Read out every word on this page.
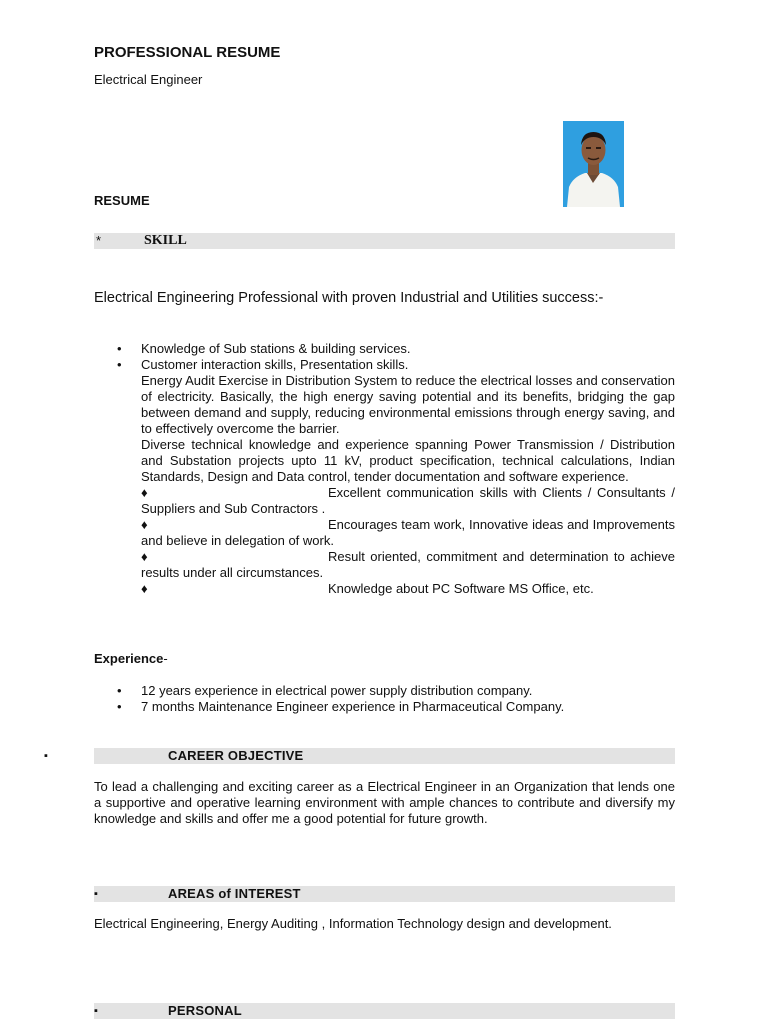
PROFESSIONAL RESUME
Electrical Engineer
RESUME
*	SKILL
Electrical Engineering Professional with proven Industrial and Utilities success:-
• Knowledge of Sub stations & building services.
• Customer interaction skills, Presentation skills.
Energy Audit Exercise in Distribution System to reduce the electrical losses and conservation of electricity. Basically, the high energy saving potential and its benefits, bridging the gap between demand and supply, reducing environmental emissions through energy saving, and to effectively overcome the barrier.
Diverse technical knowledge and experience spanning Power Transmission / Distribution and Substation projects upto 11 kV, product specification, technical calculations, Indian Standards, Design and Data control, tender documentation and software experience.
♦	Excellent communication skills with Clients / Consultants / Suppliers and Sub Contractors .
♦	Encourages team work, Innovative ideas and Improvements and believe in delegation of work.
♦	Result oriented, commitment and determination to achieve results under all circumstances.
♦	Knowledge about PC Software MS Office, etc.
Experience-
• 12 years experience in electrical power supply distribution company.
• 7 months Maintenance Engineer experience in Pharmaceutical Company.
▪	CAREER OBJECTIVE
To lead a challenging and exciting career as a Electrical Engineer in an Organization that lends one a supportive and operative learning environment with ample chances to contribute and diversify my knowledge and skills and offer me a good potential for future growth.
▪	AREAS of INTEREST
Electrical Engineering, Energy Auditing , Information Technology design and development.
▪	PERSONAL
